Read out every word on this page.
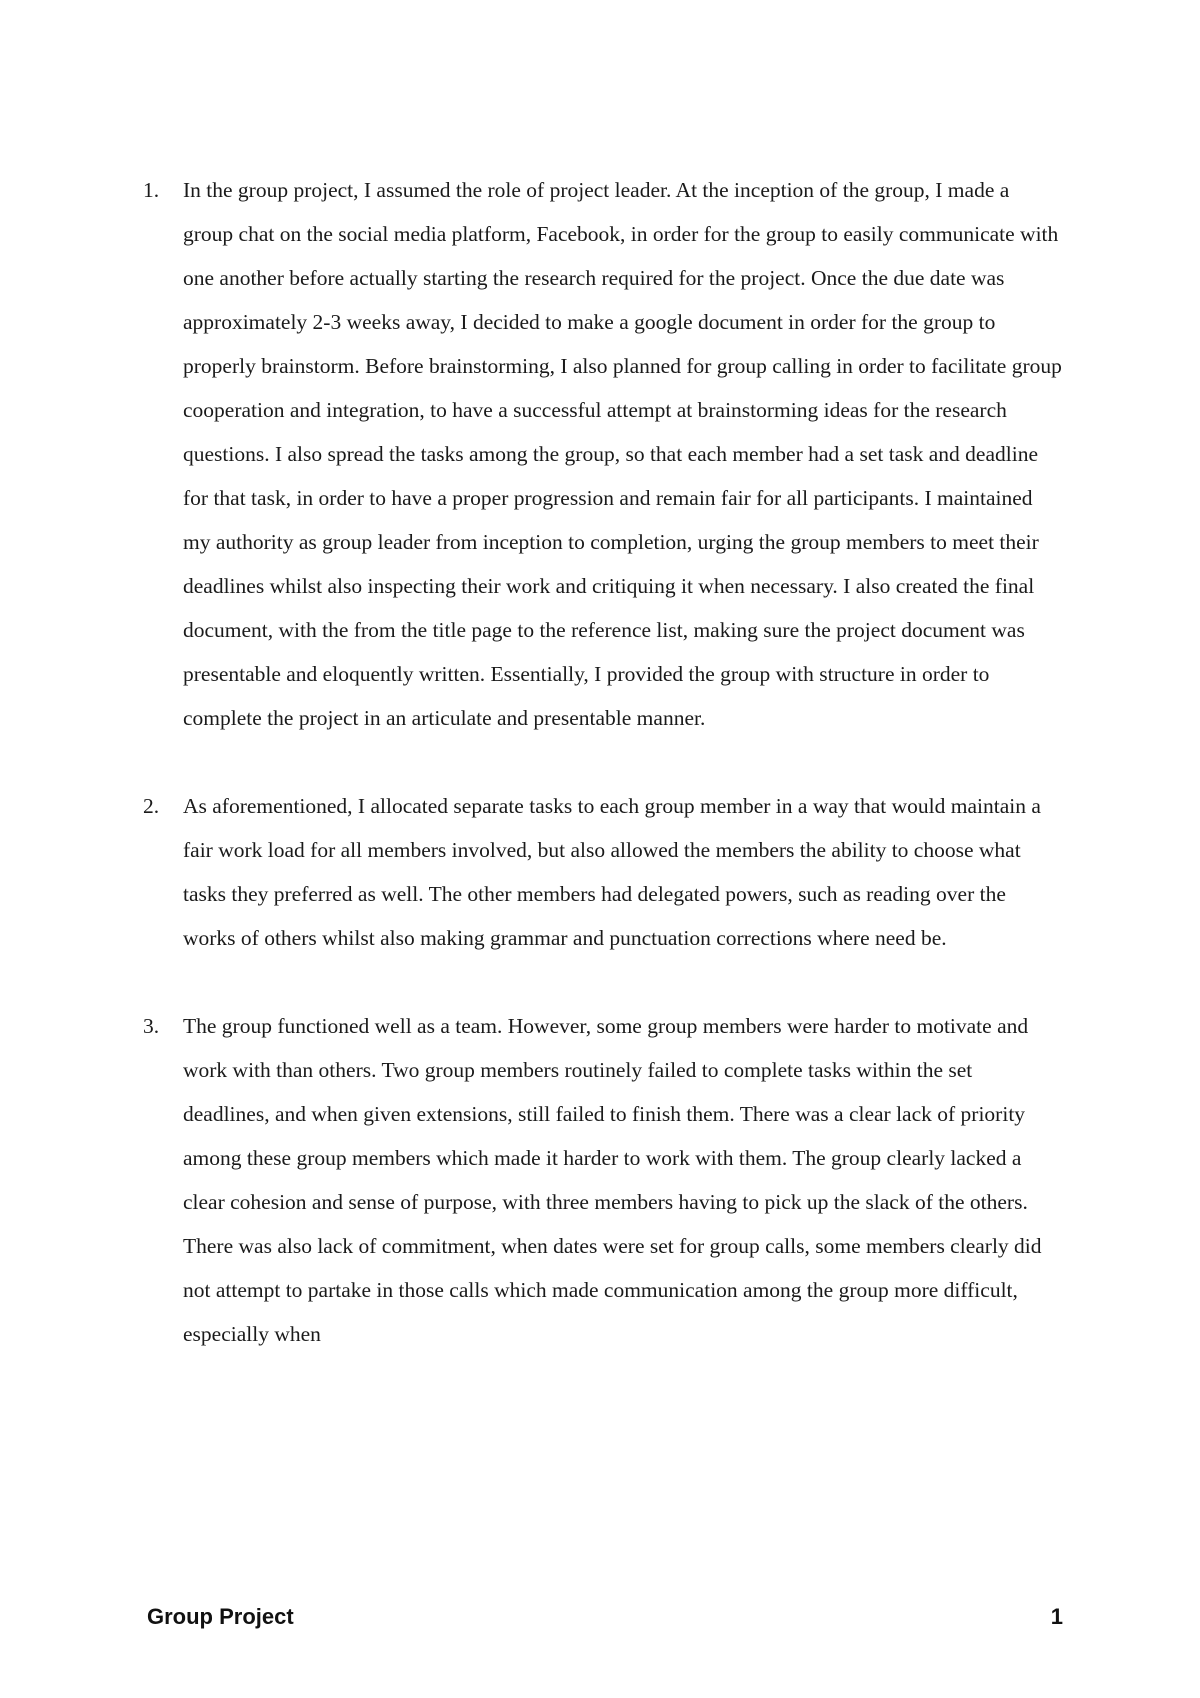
1. In the group project, I assumed the role of project leader. At the inception of the group, I made a group chat on the social media platform, Facebook, in order for the group to easily communicate with one another before actually starting the research required for the project. Once the due date was approximately 2-3 weeks away, I decided to make a google document in order for the group to properly brainstorm. Before brainstorming, I also planned for group calling in order to facilitate group cooperation and integration, to have a successful attempt at brainstorming ideas for the research questions. I also spread the tasks among the group, so that each member had a set task and deadline for that task, in order to have a proper progression and remain fair for all participants. I maintained my authority as group leader from inception to completion, urging the group members to meet their deadlines whilst also inspecting their work and critiquing it when necessary. I also created the final document, with the from the title page to the reference list, making sure the project document was presentable and eloquently written. Essentially, I provided the group with structure in order to complete the project in an articulate and presentable manner.
2. As aforementioned, I allocated separate tasks to each group member in a way that would maintain a fair work load for all members involved, but also allowed the members the ability to choose what tasks they preferred as well. The other members had delegated powers, such as reading over the works of others whilst also making grammar and punctuation corrections where need be.
3. The group functioned well as a team. However, some group members were harder to motivate and work with than others. Two group members routinely failed to complete tasks within the set deadlines, and when given extensions, still failed to finish them. There was a clear lack of priority among these group members which made it harder to work with them. The group clearly lacked a clear cohesion and sense of purpose, with three members having to pick up the slack of the others. There was also lack of commitment, when dates were set for group calls, some members clearly did not attempt to partake in those calls which made communication among the group more difficult, especially when
Group Project	1
